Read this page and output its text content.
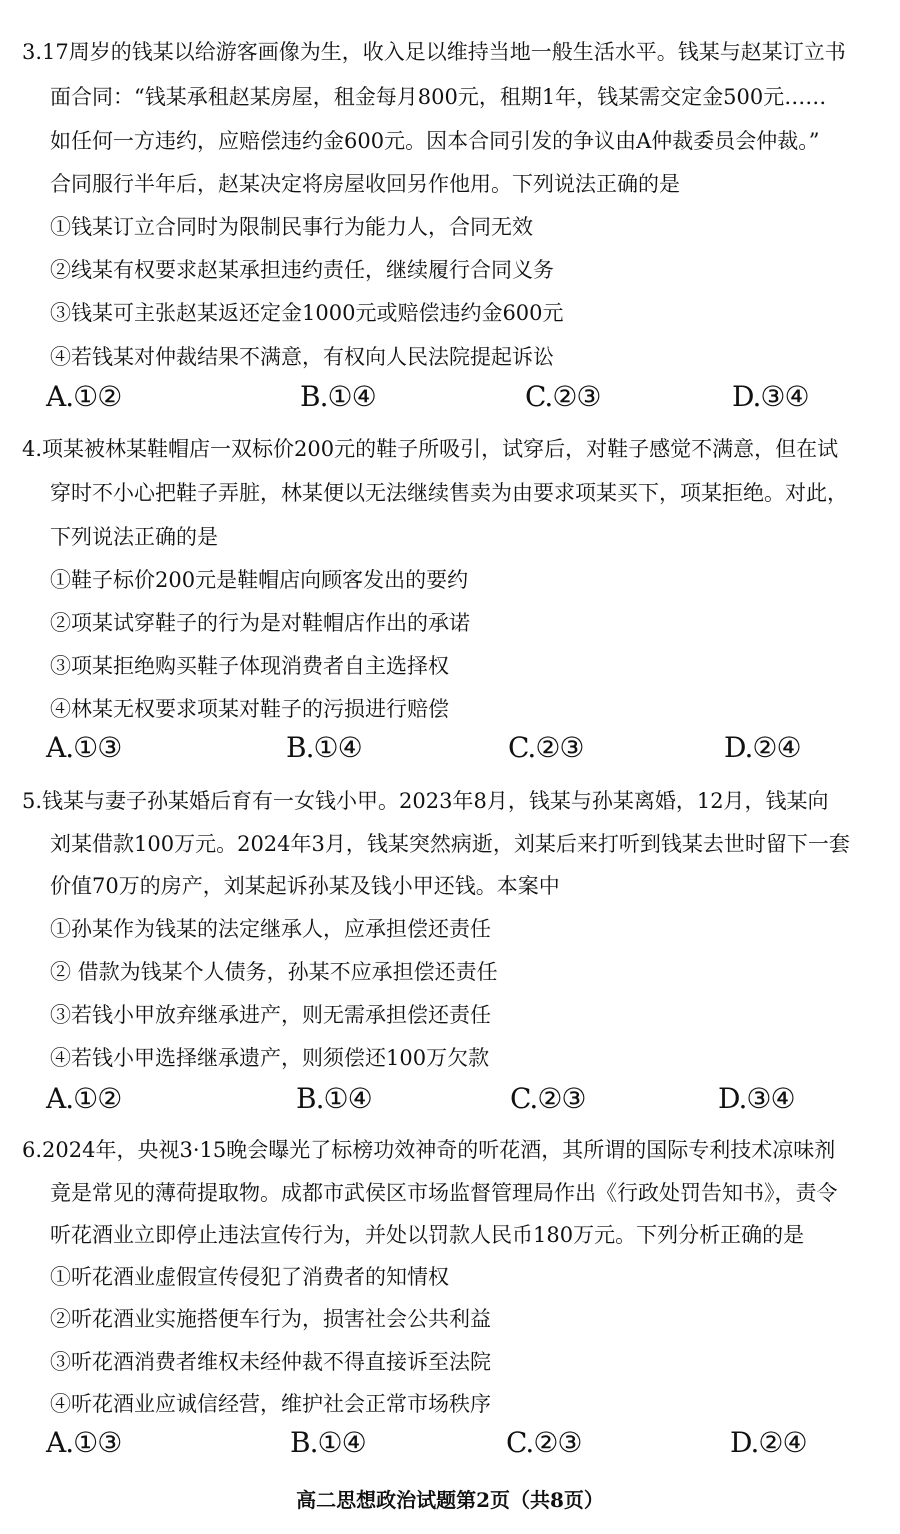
3.17周岁的钱某以给游客画像为生，收入足以维持当地一般生活水平。钱某与赵某订立书
面合同：“钱某承租赵某房屋，租金每月800元，租期1年，钱某需交定金500元……
如任何一方违约，应赔偿违约金600元。因本合同引发的争议由A仲裁委员会仲裁。”
合同服行半年后，赵某决定将房屋收回另作他用。下列说法正确的是
①钱某订立合同时为限制民事行为能力人，合同无效
②线某有权要求赵某承担违约责任，继续履行合同义务
③钱某可主张赵某返还定金1000元或赔偿违约金600元
④若钱某对仲裁结果不满意，有权向人民法院提起诉讼
A.①②	B.①④	C.②③	D.③④
4.项某被林某鞋帽店一双标价200元的鞋子所吸引，试穿后，对鞋子感觉不满意，但在试
穿时不小心把鞋子弄脏，林某便以无法继续售卖为由要求项某买下，项某拒绝。对此，
下列说法正确的是
①鞋子标价200元是鞋帽店向顾客发出的要约
②项某试穿鞋子的行为是对鞋帽店作出的承诺
③项某拒绝购买鞋子体现消费者自主选择权
④林某无权要求项某对鞋子的污损进行赔偿
A.①③	B.①④	C.②③	D.②④
5.钱某与妻子孙某婚后育有一女钱小甲。2023年8月，钱某与孙某离婚，12月，钱某向
刘某借款100万元。2024年3月，钱某突然病逝，刘某后来打听到钱某去世时留下一套
价值70万的房产，刘某起诉孙某及钱小甲还钱。本案中
①孙某作为钱某的法定继承人，应承担偿还责任
② 借款为钱某个人债务，孙某不应承担偿还责任
③若钱小甲放弃继承进产，则无需承担偿还责任
④若钱小甲选择继承遗产，则须偿还100万欠款
A.①②	B.①④	C.②③	D.③④
6.2024年，央视3·15晚会曝光了标榜功效神奇的听花酒，其所谓的国际专利技术凉味剂
竟是常见的薄荷提取物。成都市武侯区市场监督管理局作出《行政处罚告知书》，责令
听花酒业立即停止违法宣传行为，并处以罚款人民币180万元。下列分析正确的是
①听花酒业虚假宣传侵犯了消费者的知情权
②听花酒业实施搭便车行为，损害社会公共利益
③听花酒消费者维权未经仲裁不得直接诉至法院
④听花酒业应诚信经营，维护社会正常市场秩序
A.①③	B.①④	C.②③	D.②④
高二思想政治试题第2页（共8页）
